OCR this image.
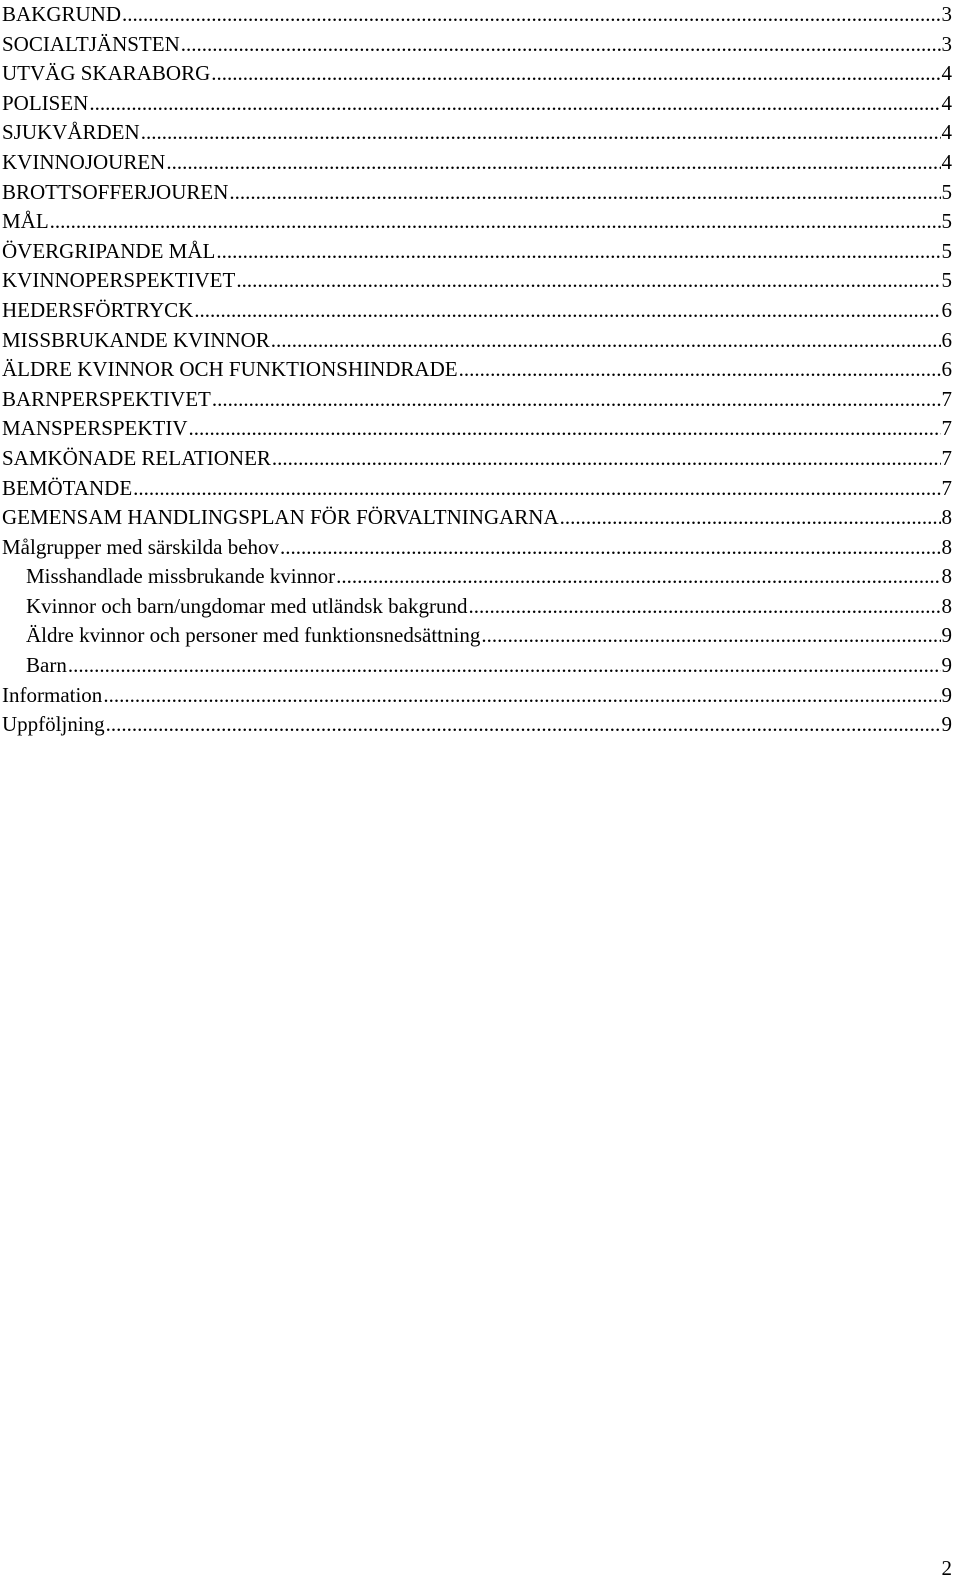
BAKGRUND .....	3
SOCIALTJÄNSTEN .....	3
UTVÄG SKARABORG .....	4
POLISEN .....	4
SJUKVÅRDEN .....	4
KVINNOJOUREN .....	4
BROTTSOFFERJOUREN .....	5
MÅL .....	5
ÖVERGRIPANDE MÅL .....	5
KVINNOPERSPEKTIVET .....	5
HEDERSFÖRTRYCK .....	6
MISSBRUKANDE KVINNOR .....	6
ÄLDRE KVINNOR OCH FUNKTIONSHINDRADE .....	6
BARNPERSPEKTIVET .....	7
MANSPERSPEKTIV .....	7
SAMKÖNADE RELATIONER .....	7
BEMÖTANDE .....	7
GEMENSAM HANDLINGSPLAN FÖR FÖRVALTNINGARNA .....	8
Målgrupper med särskilda behov .....	8
Misshandlade missbrukande kvinnor .....	8
Kvinnor och barn/ungdomar med utländsk bakgrund .....	8
Äldre kvinnor och personer med funktionsnedsättning .....	9
Barn .....	9
Information .....	9
Uppföljning .....	9
2
